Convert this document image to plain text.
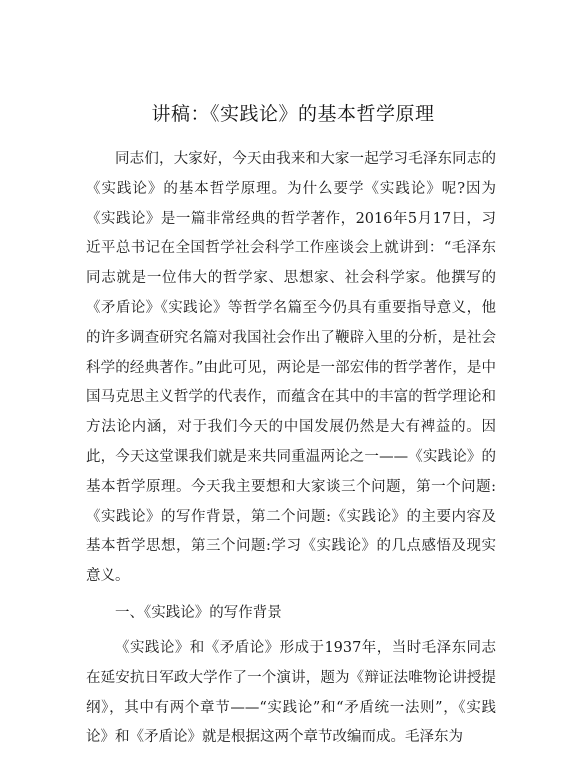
讲稿：《实践论》的基本哲学原理

同志们，大家好，今天由我来和大家一起学习毛泽东同志的《实践论》的基本哲学原理。为什么要学《实践论》呢?因为《实践论》是一篇非常经典的哲学著作，2016年5月17日，习近平总书记在全国哲学社会科学工作座谈会上就讲到：“毛泽东同志就是一位伟大的哲学家、思想家、社会科学家。他撰写的《矛盾论》《实践论》等哲学名篇至今仍具有重要指导意义，他的许多调查研究名篇对我国社会作出了鞭辟入里的分析，是社会科学的经典著作。”由此可见，两论是一部宏伟的哲学著作，是中国马克思主义哲学的代表作，而蕴含在其中的丰富的哲学理论和方法论内涵，对于我们今天的中国发展仍然是大有裨益的。因此，今天这堂课我们就是来共同重温两论之一——《实践论》的基本哲学原理。今天我主要想和大家谈三个问题，第一个问题:《实践论》的写作背景，第二个问题:《实践论》的主要内容及基本哲学思想，第三个问题:学习《实践论》的几点感悟及现实意义。

一、《实践论》的写作背景

《实践论》和《矛盾论》形成于1937年，当时毛泽东同志在延安抗日军政大学作了一个演讲，题为《辩证法唯物论讲授提纲》，其中有两个章节——“实践论”和“矛盾统一法则”，《实践论》和《矛盾论》就是根据这两个章节改编而成。毛泽东为
